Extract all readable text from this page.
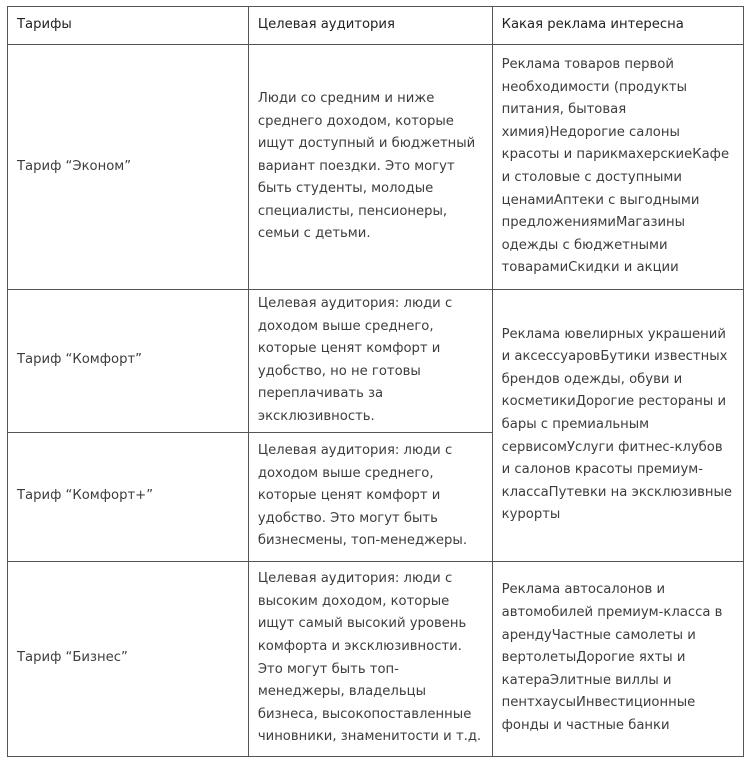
Тарифы	Целевая аудитория	Какая реклама интересна
Тариф “Эконом”	Люди со средним и ниже среднего доходом, которые ищут доступный и бюджетный вариант поездки. Это могут быть студенты, молодые специалисты, пенсионеры, семьи с детьми.	Реклама товаров первой необходимости (продукты питания, бытовая химия)Недорогие салоны красоты и парикмахерскиеКафе и столовые с доступными ценамиАптеки с выгодными предложениямиМагазины одежды с бюджетными товарамиСкидки и акции
Тариф “Комфорт”	Целевая аудитория: люди с доходом выше среднего, которые ценят комфорт и удобство, но не готовы переплачивать за эксклюзивность.	Реклама ювелирных украшений и аксессуаровБутики известных брендов одежды, обуви и косметикиДорогие рестораны и бары с премиальным сервисомУслуги фитнес-клубов и салонов красоты премиум-классаПутевки на эксклюзивные курорты
Тариф “Комфорт+”	Целевая аудитория: люди с доходом выше среднего, которые ценят комфорт и удобство. Это могут быть бизнесмены, топ-менеджеры.	
Тариф “Бизнес”	Целевая аудитория: люди с высоким доходом, которые ищут самый высокий уровень комфорта и эксклюзивности. Это могут быть топ-менеджеры, владельцы бизнеса, высокопоставленные чиновники, знаменитости и т.д.	Реклама автосалонов и автомобилей премиум-класса в арендуЧастные самолеты и вертолетыДорогие яхты и катераЭлитные виллы и пентхаусыИнвестиционные фонды и частные банки
